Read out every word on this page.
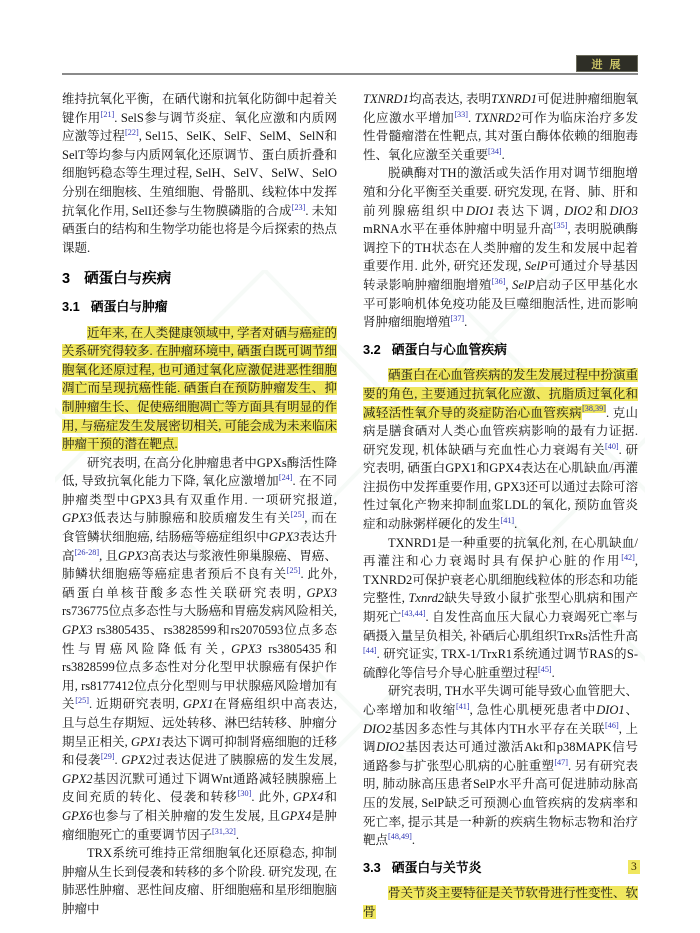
进 展

维持抗氧化平衡，在硒代谢和抗氧化防御中起着关键作用[21]. SelS参与调节炎症、氧化应激和内质网应激等过程[22], Sel15、SelK、SelF、SelM、SelN和SelT等均参与内质网氧化还原调节、蛋白质折叠和细胞钙稳态等生理过程, SelH、SelV、SelW、SelO分别在细胞核、生殖细胞、骨骼肌、线粒体中发挥抗氧化作用, SelI还参与生物膜磷脂的合成[23]. 未知硒蛋白的结构和生物学功能也将是今后探索的热点课题.

3 硒蛋白与疾病
3.1 硒蛋白与肿瘤

近年来, 在人类健康领域中, 学者对硒与癌症的关系研究得较多. 在肿瘤环境中, 硒蛋白既可调节细胞氧化还原过程, 也可通过氧化应激促进恶性细胞凋亡而呈现抗癌性能. 硒蛋白在预防肿瘤发生、抑制肿瘤生长、促使癌细胞凋亡等方面具有明显的作用, 与癌症发生发展密切相关, 可能会成为未来临床肿瘤干预的潜在靶点.

研究表明, 在高分化肿瘤患者中GPXs酶活性降低, 导致抗氧化能力下降, 氧化应激增加[24]. 在不同肿瘤类型中GPX3具有双重作用. 一项研究报道, GPX3低表达与肺腺癌和胶质瘤发生有关[25], 而在食管鳞状细胞癌, 结肠癌等癌症组织中GPX3表达升高[26-28], 且GPX3高表达与浆液性卵巢腺癌、胃癌、肺鳞状细胞癌等癌症患者预后不良有关[25]. 此外, 硒蛋白单核苷酸多态性关联研究表明, GPX3 rs736775位点多态性与大肠癌和胃癌发病风险相关, GPX3 rs3805435、rs3828599和rs2070593位点多态性与胃癌风险降低有关, GPX3 rs3805435和rs3828599位点多态性对分化型甲状腺癌有保护作用, rs8177412位点分化型则与甲状腺癌风险增加有关[25]. 近期研究表明, GPX1在肾癌组织中高表达, 且与总生存期短、远处转移、淋巴结转移、肿瘤分期呈正相关, GPX1表达下调可抑制肾癌细胞的迁移和侵袭[29]. GPX2过表达促进了胰腺癌的发生发展, GPX2基因沉默可通过下调Wnt通路减轻胰腺癌上皮间充质的转化、侵袭和转移[30]. 此外, GPX4和GPX6也参与了相关肿瘤的发生发展, 且GPX4是肿瘤细胞死亡的重要调节因子[31,32].

TRX系统可维持正常细胞氧化还原稳态, 抑制肿瘤从生长到侵袭和转移的多个阶段. 研究发现, 在肺恶性肿瘤、恶性间皮瘤、肝细胞癌和星形细胞脑肿瘤中

TXNRD1均高表达, 表明TXNRD1可促进肿瘤细胞氧化应激水平增加[33]. TXNRD2可作为临床治疗多发性骨髓瘤潜在性靶点, 其对蛋白酶体依赖的细胞毒性、氧化应激至关重要[34].

脱碘酶对TH的激活或失活作用对调节细胞增殖和分化平衡至关重要. 研究发现, 在肾、肺、肝和前列腺癌组织中DIO1表达下调, DIO2和DIO3 mRNA水平在垂体肿瘤中明显升高[35], 表明脱碘酶调控下的TH状态在人类肿瘤的发生和发展中起着重要作用. 此外, 研究还发现, SelP可通过介导基因转录影响肿瘤细胞增殖[36], SelP启动子区甲基化水平可影响机体免疫功能及巨噬细胞活性, 进而影响肾肿瘤细胞增殖[37].

3.2 硒蛋白与心血管疾病

硒蛋白在心血管疾病的发生发展过程中扮演重要的角色, 主要通过抗氧化应激、抗脂质过氧化和减轻活性氧介导的炎症防治心血管疾病[38,39]. 克山病是膳食硒对人类心血管疾病影响的最有力证据. 研究发现, 机体缺硒与充血性心力衰竭有关[40]. 研究表明, 硒蛋白GPX1和GPX4表达在心肌缺血/再灌注损伤中发挥重要作用, GPX3还可以通过去除可溶性过氧化产物来抑制血浆LDL的氧化, 预防血管炎症和动脉粥样硬化的发生[41].

TXNRD1是一种重要的抗氧化剂, 在心肌缺血/再灌注和心力衰竭时具有保护心脏的作用[42], TXNRD2可保护衰老心肌细胞线粒体的形态和功能完整性, Txnrd2缺失导致小鼠扩张型心肌病和围产期死亡[43,44]. 自发性高血压大鼠心力衰竭死亡率与硒摄入量呈负相关, 补硒后心肌组织TrxRs活性升高[44]. 研究证实, TRX-1/TrxR1系统通过调节RAS的S-硫醇化等信号介导心脏重塑过程[45].

研究表明, TH水平失调可能导致心血管肥大、心率增加和收缩[41], 急性心肌梗死患者中DIO1、DIO2基因多态性与其体内TH水平存在关联[46], 上调DIO2基因表达可通过激活Akt和p38MAPK信号通路参与扩张型心肌病的心脏重塑[47]. 另有研究表明, 肺动脉高压患者SelP水平升高可促进肺动脉高压的发展, SelP缺乏可预测心血管疾病的发病率和死亡率, 提示其是一种新的疾病生物标志物和治疗靶点[48,49].

3.3 硒蛋白与关节炎

骨关节炎主要特征是关节软骨进行性变性、软骨

3
